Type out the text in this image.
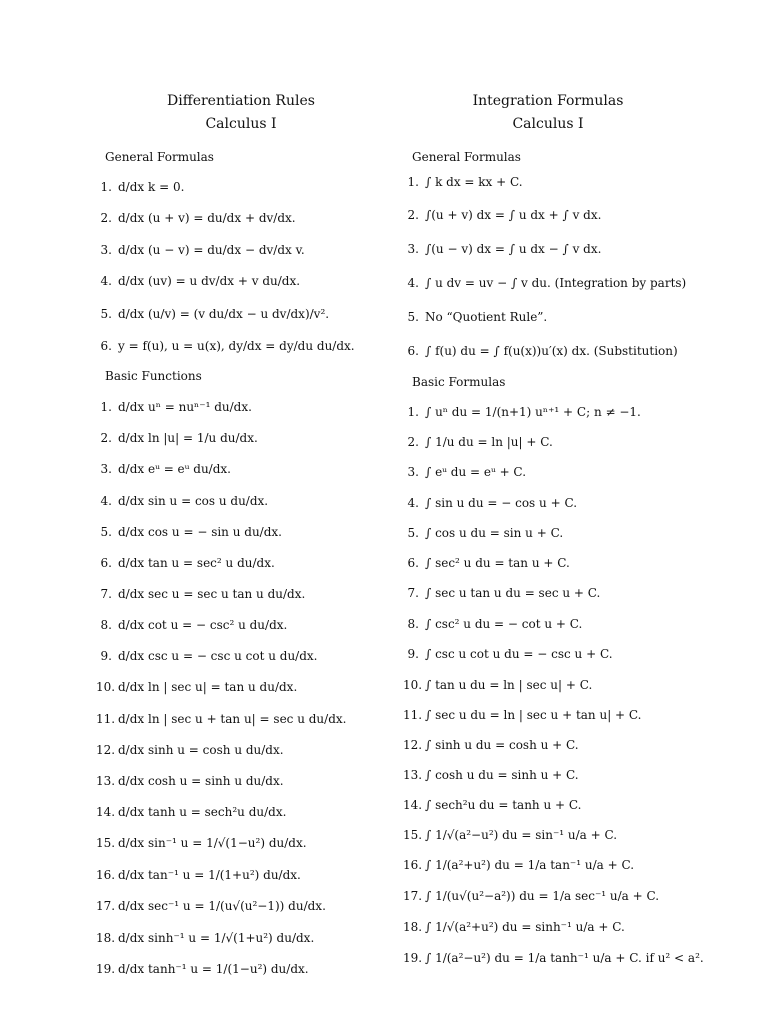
Differentiation Rules
Calculus I
General Formulas
1. d/dx k = 0.
2. d/dx (u + v) = du/dx + dv/dx.
3. d/dx (u − v) = du/dx − dv/dx v.
4. d/dx (uv) = u dv/dx + v du/dx.
5. d/dx (u/v) = (v du/dx − u dv/dx)/v².
6. y = f(u), u = u(x), dy/dx = dy/du du/dx.
Basic Functions
1. d/dx uⁿ = nuⁿ⁻¹ du/dx.
2. d/dx ln |u| = 1/u du/dx.
3. d/dx eᵘ = eᵘ du/dx.
4. d/dx sin u = cos u du/dx.
5. d/dx cos u = − sin u du/dx.
6. d/dx tan u = sec² u du/dx.
7. d/dx sec u = sec u tan u du/dx.
8. d/dx cot u = − csc² u du/dx.
9. d/dx csc u = − csc u cot u du/dx.
10. d/dx ln | sec u| = tan u du/dx.
11. d/dx ln | sec u + tan u| = sec u du/dx.
12. d/dx sinh u = cosh u du/dx.
13. d/dx cosh u = sinh u du/dx.
14. d/dx tanh u = sech²u du/dx.
15. d/dx sin⁻¹ u = 1/√(1−u²) du/dx.
16. d/dx tan⁻¹ u = 1/(1+u²) du/dx.
17. d/dx sec⁻¹ u = 1/(u√(u²−1)) du/dx.
18. d/dx sinh⁻¹ u = 1/√(1+u²) du/dx.
19. d/dx tanh⁻¹ u = 1/(1−u²) du/dx.
Integration Formulas
Calculus I
General Formulas
1. ∫ k dx = kx + C.
2. ∫(u + v) dx = ∫ u dx + ∫ v dx.
3. ∫(u − v) dx = ∫ u dx − ∫ v dx.
4. ∫ u dv = uv − ∫ v du. (Integration by parts)
5. No “Quotient Rule”.
6. ∫ f(u) du = ∫ f(u(x))u′(x) dx. (Substitution)
Basic Formulas
1. ∫ uⁿ du = 1/(n+1) uⁿ⁺¹ + C; n ≠ −1.
2. ∫ 1/u du = ln |u| + C.
3. ∫ eᵘ du = eᵘ + C.
4. ∫ sin u du = − cos u + C.
5. ∫ cos u du = sin u + C.
6. ∫ sec² u du = tan u + C.
7. ∫ sec u tan u du = sec u + C.
8. ∫ csc² u du = − cot u + C.
9. ∫ csc u cot u du = − csc u + C.
10. ∫ tan u du = ln | sec u| + C.
11. ∫ sec u du = ln | sec u + tan u| + C.
12. ∫ sinh u du = cosh u + C.
13. ∫ cosh u du = sinh u + C.
14. ∫ sech²u du = tanh u + C.
15. ∫ 1/√(a²−u²) du = sin⁻¹ u/a + C.
16. ∫ 1/(a²+u²) du = 1/a tan⁻¹ u/a + C.
17. ∫ 1/(u√(u²−a²)) du = 1/a sec⁻¹ u/a + C.
18. ∫ 1/√(a²+u²) du = sinh⁻¹ u/a + C.
19. ∫ 1/(a²−u²) du = 1/a tanh⁻¹ u/a + C. if u² < a².
